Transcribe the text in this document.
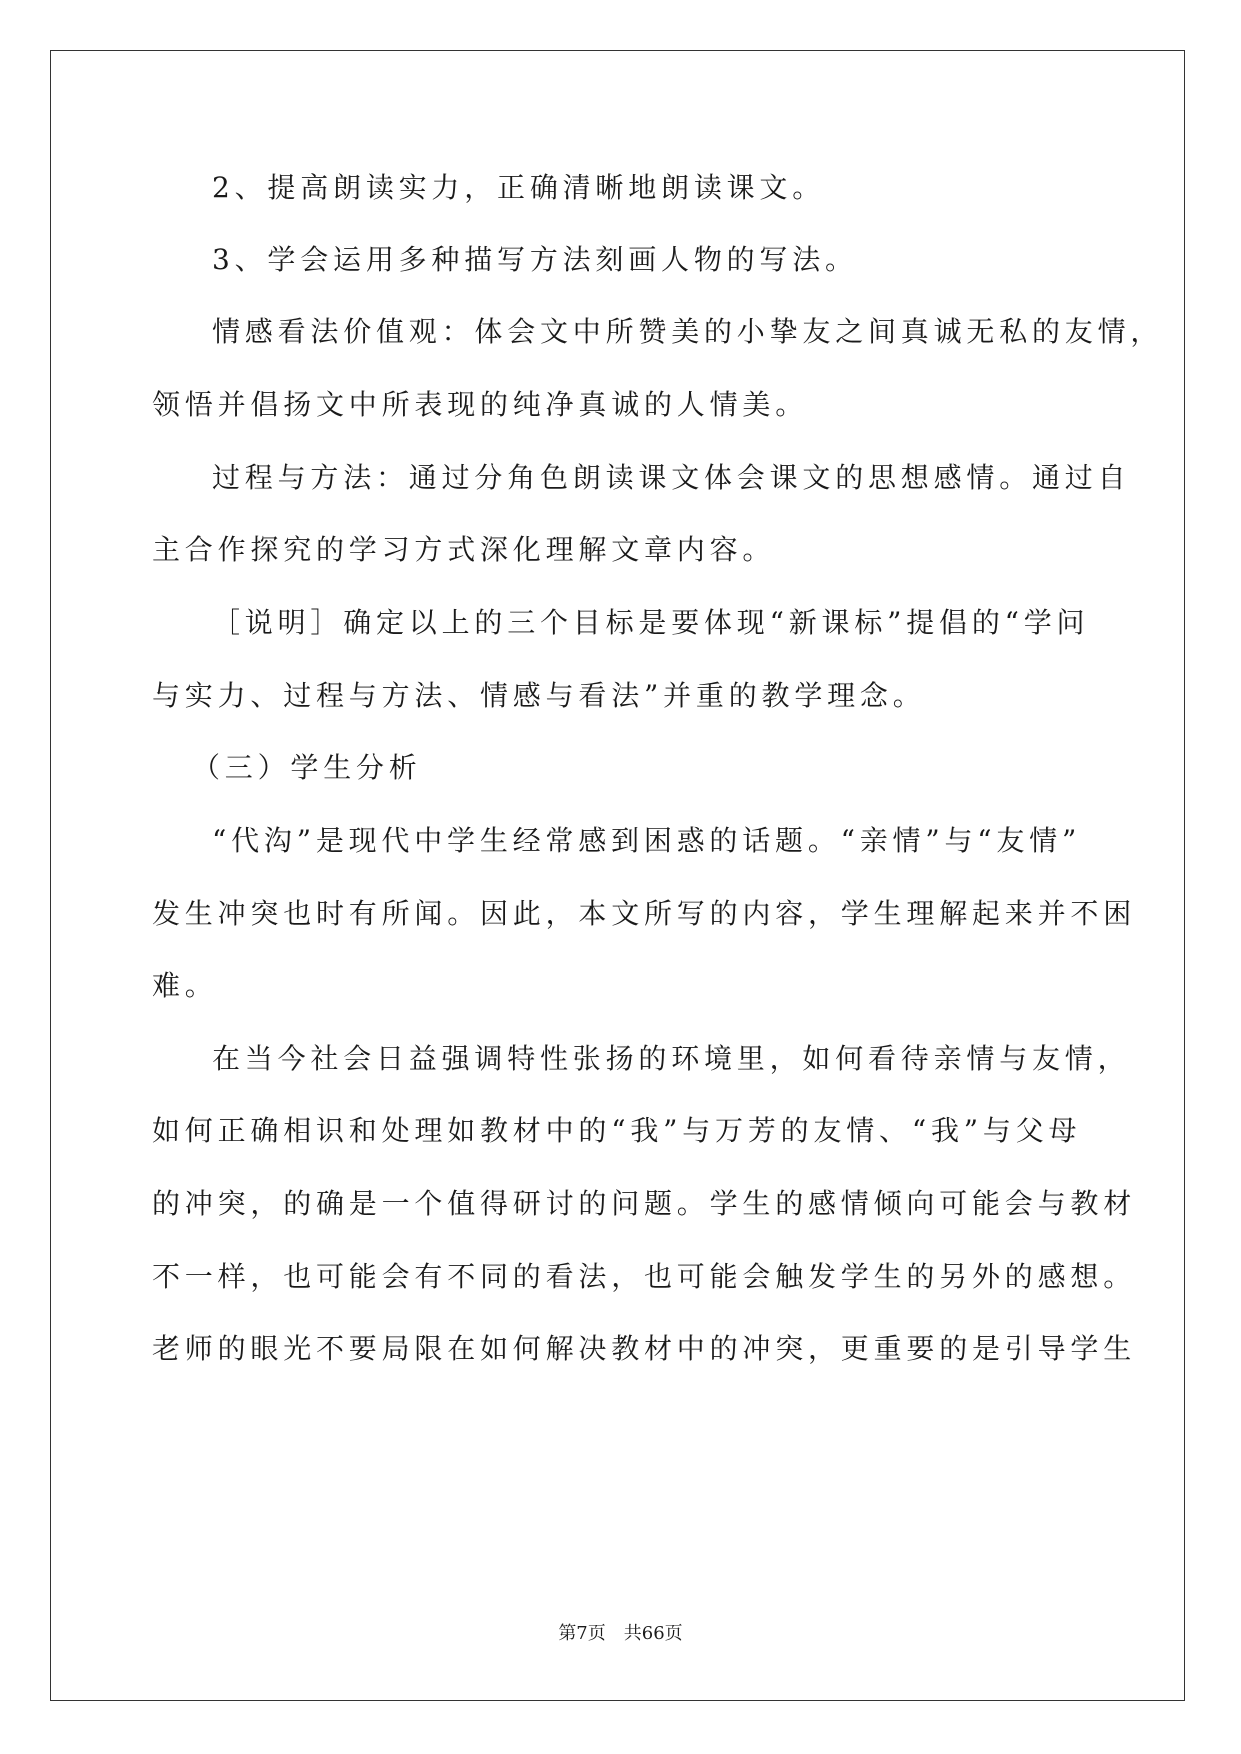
2、提高朗读实力，正确清晰地朗读课文。
3、学会运用多种描写方法刻画人物的写法。
情感看法价值观：体会文中所赞美的小挚友之间真诚无私的友情，
领悟并倡扬文中所表现的纯净真诚的人情美。
过程与方法：通过分角色朗读课文体会课文的思想感情。通过自
主合作探究的学习方式深化理解文章内容。
［说明］确定以上的三个目标是要体现“新课标”提倡的“学问
与实力、过程与方法、情感与看法”并重的教学理念。
（三）学生分析
“代沟”是现代中学生经常感到困惑的话题。“亲情”与“友情”
发生冲突也时有所闻。因此，本文所写的内容，学生理解起来并不困
难。
在当今社会日益强调特性张扬的环境里，如何看待亲情与友情，
如何正确相识和处理如教材中的“我”与万芳的友情、“我”与父母
的冲突，的确是一个值得研讨的问题。学生的感情倾向可能会与教材
不一样，也可能会有不同的看法，也可能会触发学生的另外的感想。
老师的眼光不要局限在如何解决教材中的冲突，更重要的是引导学生
第7页　共66页
